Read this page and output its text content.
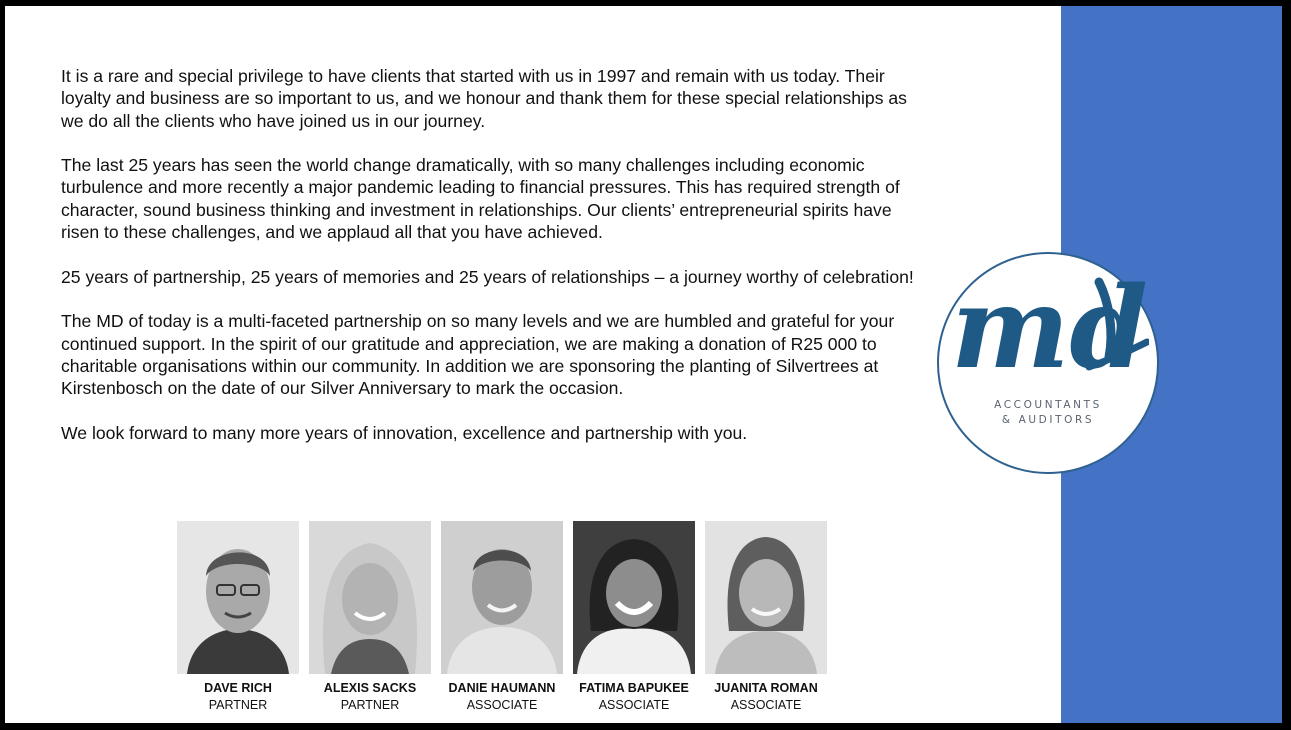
It is a rare and special privilege to have clients that started with us in 1997 and remain with us today. Their loyalty and business are so important to us, and we honour and thank them for these special relationships as we do all the clients who have joined us in our journey.

The last 25 years has seen the world change dramatically, with so many challenges including economic turbulence and more recently a major pandemic leading to financial pressures. This has required strength of character, sound business thinking and investment in relationships. Our clients’ entrepreneurial spirits have risen to these challenges, and we applaud all that you have achieved.

25 years of partnership, 25 years of memories and 25 years of relationships – a journey worthy of celebration!

The MD of today is a multi-faceted partnership on so many levels and we are humbled and grateful for your continued support. In the spirit of our gratitude and appreciation, we are making a donation of R25 000 to charitable organisations within our community. In addition we are sponsoring the planting of Silvertrees at Kirstenbosch on the date of our Silver Anniversary to mark the occasion.

We look forward to many more years of innovation, excellence and partnership with you.

md
ACCOUNTANTS
& AUDITORS
DAVE RICH
PARTNER
ALEXIS SACKS
PARTNER
DANIE HAUMANN
ASSOCIATE
FATIMA BAPUKEE
ASSOCIATE
JUANITA ROMAN
ASSOCIATE
